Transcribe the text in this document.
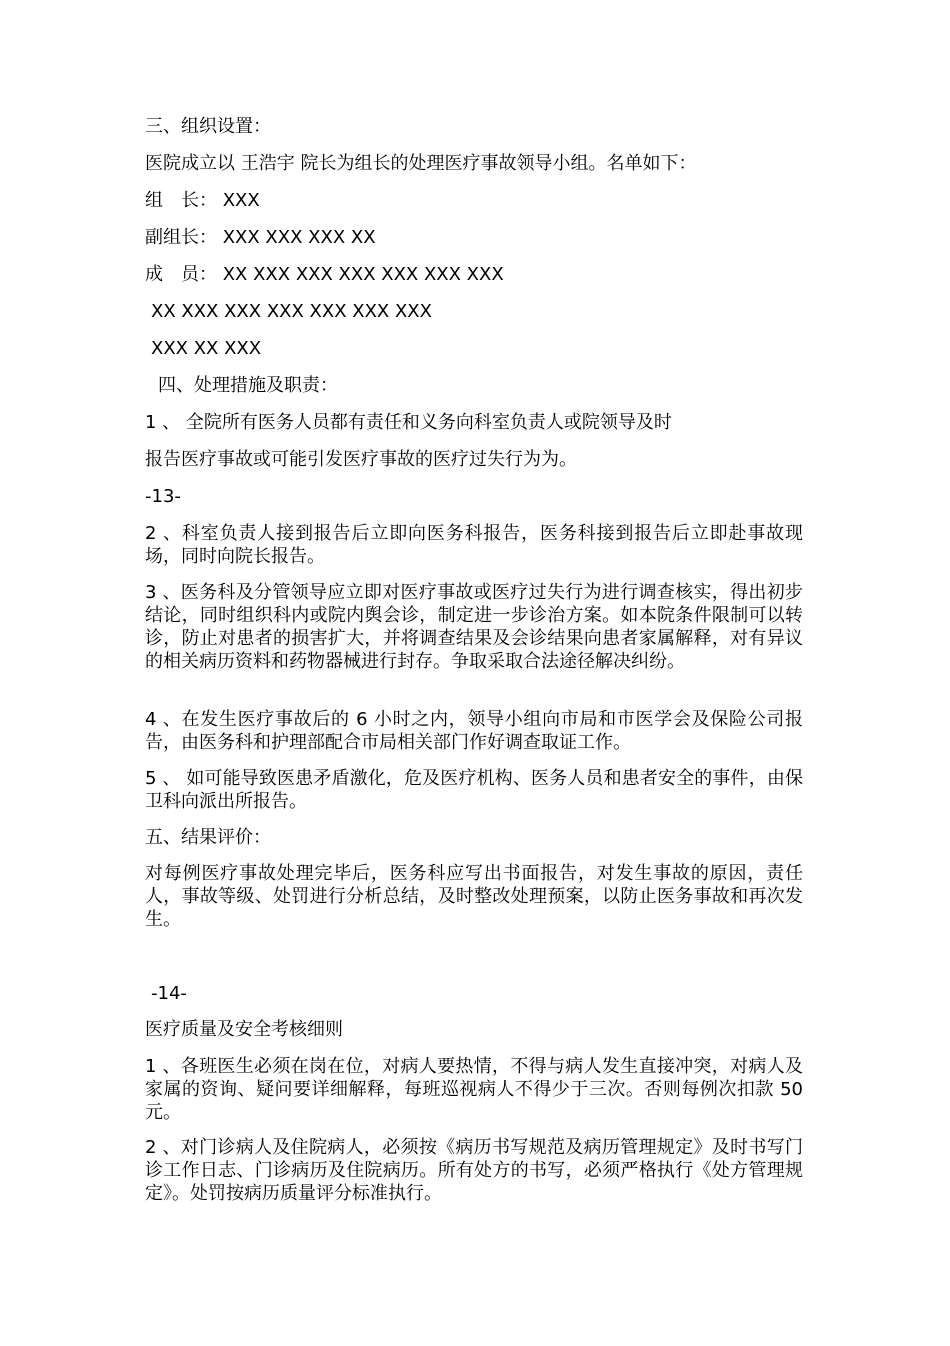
三、组织设置：
医院成立以 王浩宇 院长为组长的处理医疗事故领导小组。名单如下：
组　长： XXX
副组长： XXX XXX XXX XX
成　员： XX XXX XXX XXX XXX XXX XXX
XX XXX XXX XXX XXX XXX XXX
XXX XX XXX
四、处理措施及职责：
1 、 全院所有医务人员都有责任和义务向科室负责人或院领导及时
报告医疗事故或可能引发医疗事故的医疗过失行为为。
-13-
2 、科室负责人接到报告后立即向医务科报告，医务科接到报告后立即赴事故现场，同时向院长报告。
3 、医务科及分管领导应立即对医疗事故或医疗过失行为进行调查核实，得出初步结论，同时组织科内或院内舆会诊，制定进一步诊治方案。如本院条件限制可以转诊，防止对患者的损害扩大，并将调查结果及会诊结果向患者家属解释，对有异议的相关病历资料和药物器械进行封存。争取采取合法途径解决纠纷。
4 、在发生医疗事故后的 6 小时之内，领导小组向市局和市医学会及保险公司报告，由医务科和护理部配合市局相关部门作好调查取证工作。
5 、 如可能导致医患矛盾激化，危及医疗机构、医务人员和患者安全的事件，由保卫科向派出所报告。
五、结果评价：
对每例医疗事故处理完毕后，医务科应写出书面报告，对发生事故的原因，责任人，事故等级、处罚进行分析总结，及时整改处理预案，以防止医务事故和再次发生。
-14-
医疗质量及安全考核细则
1 、各班医生必须在岗在位，对病人要热情，不得与病人发生直接冲突，对病人及家属的资询、疑问要详细解释，每班巡视病人不得少于三次。否则每例次扣款 50 元。
2 、对门诊病人及住院病人，必须按《病历书写规范及病历管理规定》及时书写门诊工作日志、门诊病历及住院病历。所有处方的书写，必须严格执行《处方管理规定》。处罚按病历质量评分标准执行。
